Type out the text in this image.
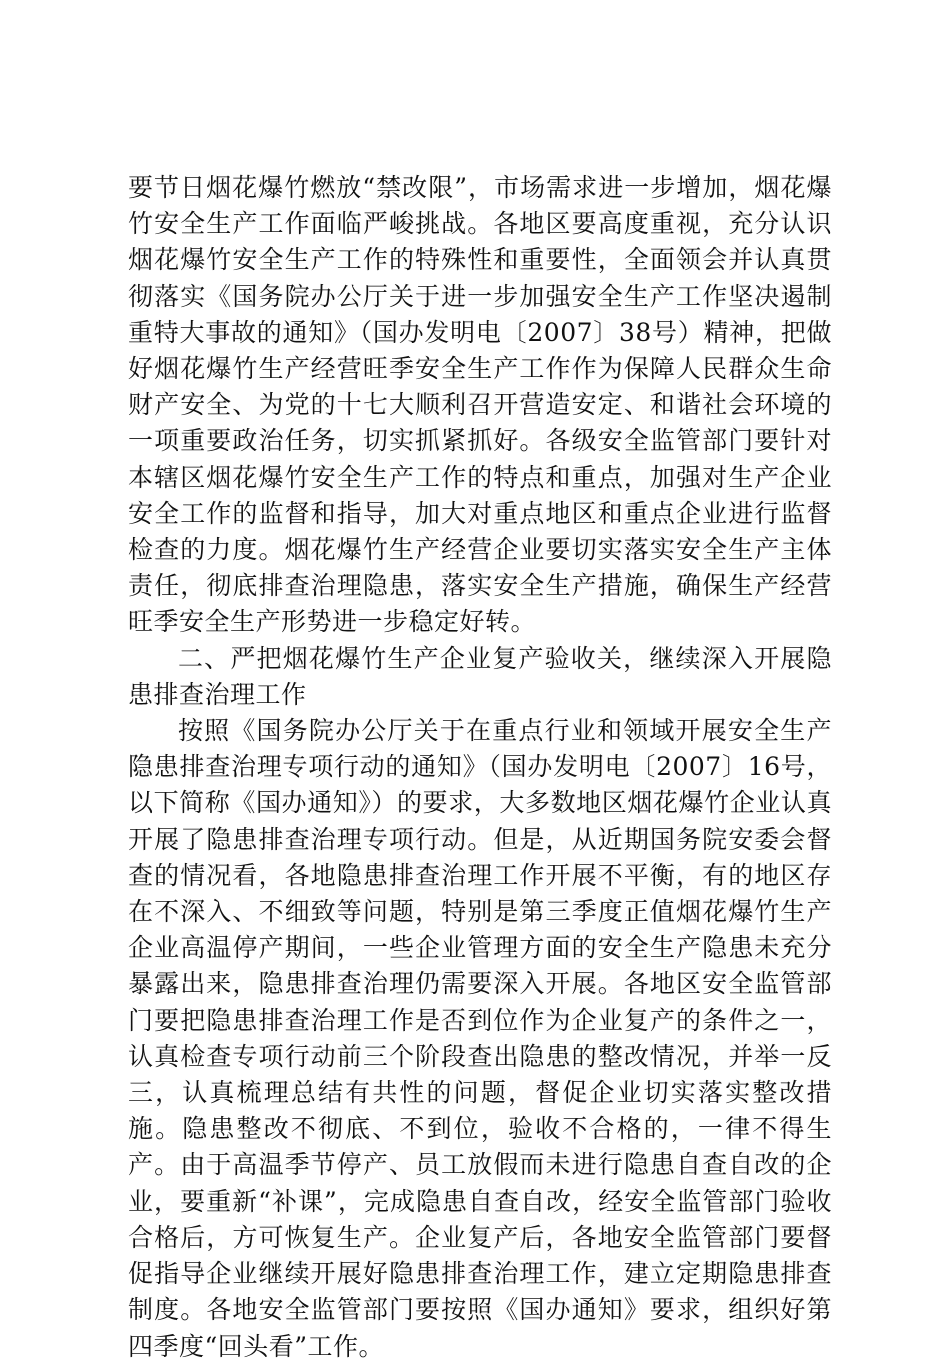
要节日烟花爆竹燃放“禁改限”，市场需求进一步增加，烟花爆竹安全生产工作面临严峻挑战。各地区要高度重视，充分认识烟花爆竹安全生产工作的特殊性和重要性，全面领会并认真贯彻落实《国务院办公厅关于进一步加强安全生产工作坚决遏制重特大事故的通知》（国办发明电〔2007〕38号）精神，把做好烟花爆竹生产经营旺季安全生产工作作为保障人民群众生命财产安全、为党的十七大顺利召开营造安定、和谐社会环境的一项重要政治任务，切实抓紧抓好。各级安全监管部门要针对本辖区烟花爆竹安全生产工作的特点和重点，加强对生产企业安全工作的监督和指导，加大对重点地区和重点企业进行监督检查的力度。烟花爆竹生产经营企业要切实落实安全生产主体责任，彻底排查治理隐患，落实安全生产措施，确保生产经营旺季安全生产形势进一步稳定好转。

二、严把烟花爆竹生产企业复产验收关，继续深入开展隐患排查治理工作

按照《国务院办公厅关于在重点行业和领域开展安全生产隐患排查治理专项行动的通知》（国办发明电〔2007〕16号，以下简称《国办通知》）的要求，大多数地区烟花爆竹企业认真开展了隐患排查治理专项行动。但是，从近期国务院安委会督查的情况看，各地隐患排查治理工作开展不平衡，有的地区存在不深入、不细致等问题，特别是第三季度正值烟花爆竹生产企业高温停产期间，一些企业管理方面的安全生产隐患未充分暴露出来，隐患排查治理仍需要深入开展。各地区安全监管部门要把隐患排查治理工作是否到位作为企业复产的条件之一，认真检查专项行动前三个阶段查出隐患的整改情况，并举一反三，认真梳理总结有共性的问题，督促企业切实落实整改措施。隐患整改不彻底、不到位，验收不合格的，一律不得生产。由于高温季节停产、员工放假而未进行隐患自查自改的企业，要重新“补课”，完成隐患自查自改，经安全监管部门验收合格后，方可恢复生产。企业复产后，各地安全监管部门要督促指导企业继续开展好隐患排查治理工作，建立定期隐患排查制度。各地安全监管部门要按照《国办通知》要求，组织好第四季度“回头看”工作。
